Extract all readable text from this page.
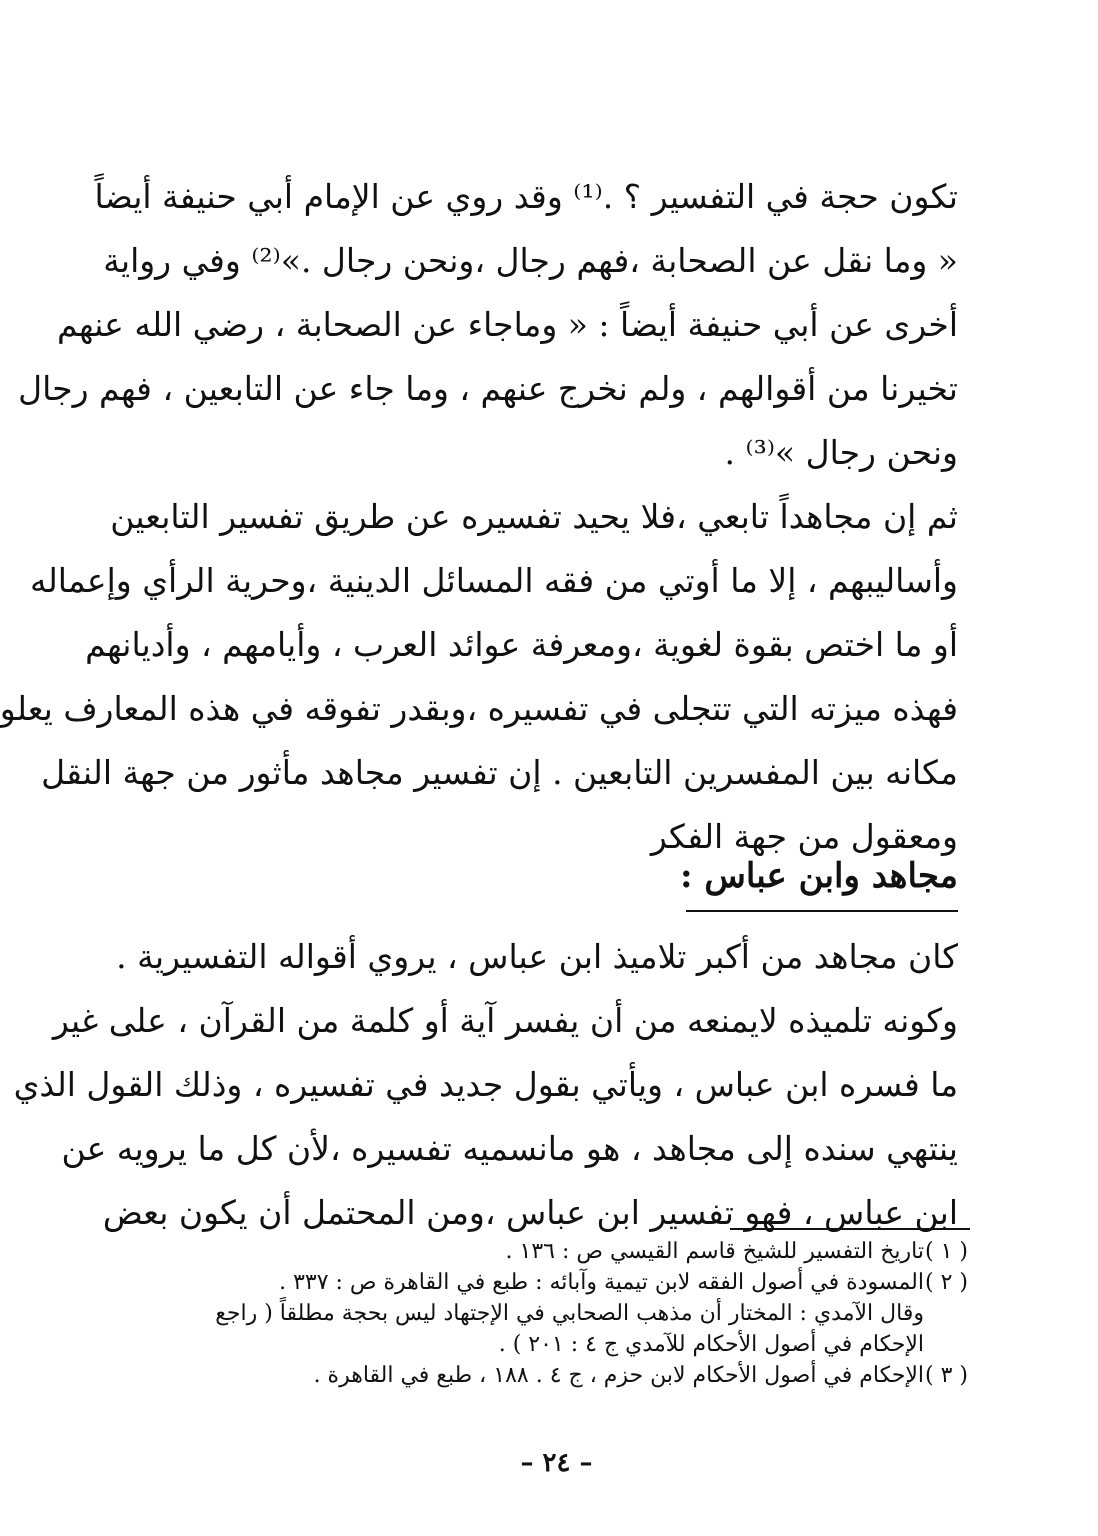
تكون حجة في التفسير ؟ .⁽¹⁾ وقد روي عن الإمام أبي حنيفة أيضاً
« وما نقل عن الصحابة ،فهم رجال ،ونحن رجال .»⁽²⁾ وفي رواية
أخرى عن أبي حنيفة أيضاً : « وماجاء عن الصحابة ، رضي الله عنهم
تخيرنا من أقوالهم ، ولم نخرج عنهم ، وما جاء عن التابعين ، فهم رجال
ونحن رجال »⁽³⁾ .
ثم إن مجاهداً تابعي ،فلا يحيد تفسيره عن طريق تفسير التابعين
وأساليبهم ، إلا ما أوتي من فقه المسائل الدينية ،وحرية الرأي وإعماله
أو ما اختص بقوة لغوية ،ومعرفة عوائد العرب ، وأيامهم ، وأديانهم
فهذه ميزته التي تتجلى في تفسيره ،وبقدر تفوقه في هذه المعارف يعلو
مكانه بين المفسرين التابعين . إن تفسير مجاهد مأثور من جهة النقل
ومعقول من جهة الفكر
مجاهد وابن عباس :
كان مجاهد من أكبر تلاميذ ابن عباس ، يروي أقواله التفسيرية .
وكونه تلميذه لايمنعه من أن يفسر آية أو كلمة من القرآن ، على غير
ما فسره ابن عباس ، ويأتي بقول جديد في تفسيره ، وذلك القول الذي
ينتهي سنده إلى مجاهد ، هو مانسميه تفسيره ،لأن كل ما يرويه عن
ابن عباس ، فهو تفسير ابن عباس ،ومن المحتمل أن يكون بعض
( ١ )تاريخ التفسير للشيخ قاسم القيسي ص : ١٣٦ .
( ٢ )المسودة في أصول الفقه لابن تيمية وآبائه : طبع في القاهرة ص : ٣٣٧ .
وقال الآمدي : المختار أن مذهب الصحابي في الإجتهاد ليس بحجة مطلقاً ( راجع
الإحكام في أصول الأحكام للآمدي ج ٤ : ٢٠١ ) .
( ٣ )الإحكام في أصول الأحكام لابن حزم ، ج ٤ . ١٨٨ ، طبع في القاهرة .
– ٢٤ –
